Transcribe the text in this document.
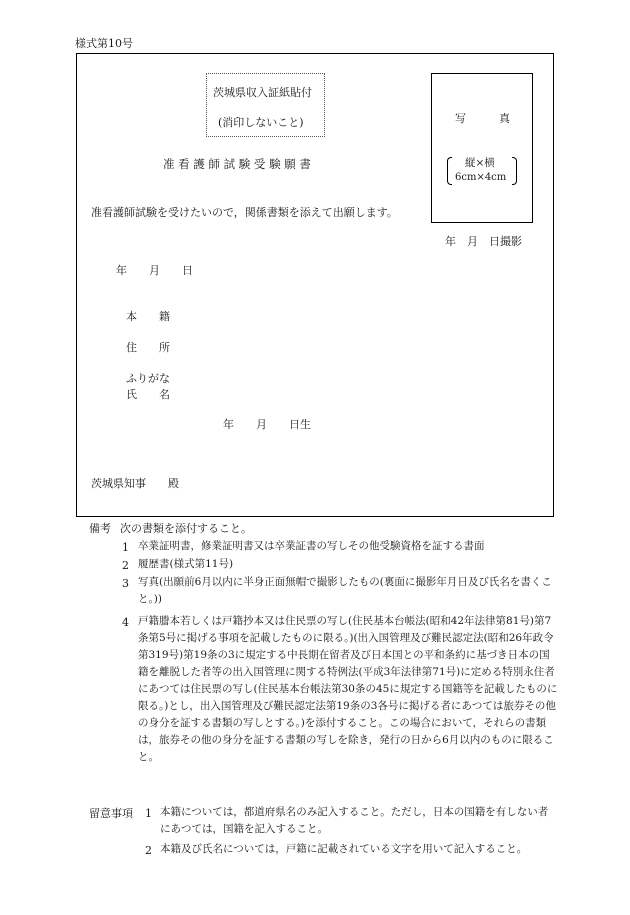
様式第10号
茨城県収入証紙貼付
(消印しないこと)
准 看 護 師 試 験 受 験 願 書
准看護師試験を受けたいので，関係書類を添えて出願します。
写　　　真
縦×横
6cm×4cm
年　月　日撮影
年　　月　　日
本　　籍
住　　所
ふりがな
氏　　名
年　　月　　日生
茨城県知事　　殿
備考 次の書類を添付すること。
1 卒業証明書，修業証明書又は卒業証書の写しその他受験資格を証する書面
2 履歴書(様式第11号)
3 写真(出願前6月以内に半身正面無帽で撮影したもの(裏面に撮影年月日及び氏名を書くこと。))
4 戸籍謄本若しくは戸籍抄本又は住民票の写し(住民基本台帳法(昭和42年法律第81号)第7条第5号に掲げる事項を記載したものに限る。)(出入国管理及び難民認定法(昭和26年政令第319号)第19条の3に規定する中長期在留者及び日本国との平和条約に基づき日本の国籍を離脱した者等の出入国管理に関する特例法(平成3年法律第71号)に定める特別永住者にあつては住民票の写し(住民基本台帳法第30条の45に規定する国籍等を記載したものに限る。)とし，出入国管理及び難民認定法第19条の3各号に掲げる者にあつては旅券その他の身分を証する書類の写しとする。)を添付すること。この場合において，それらの書類は，旅券その他の身分を証する書類の写しを除き，発行の日から6月以内のものに限ること。
留意事項 1 本籍については，都道府県名のみ記入すること。ただし，日本の国籍を有しない者にあつては，国籍を記入すること。
2 本籍及び氏名については，戸籍に記載されている文字を用いて記入すること。
